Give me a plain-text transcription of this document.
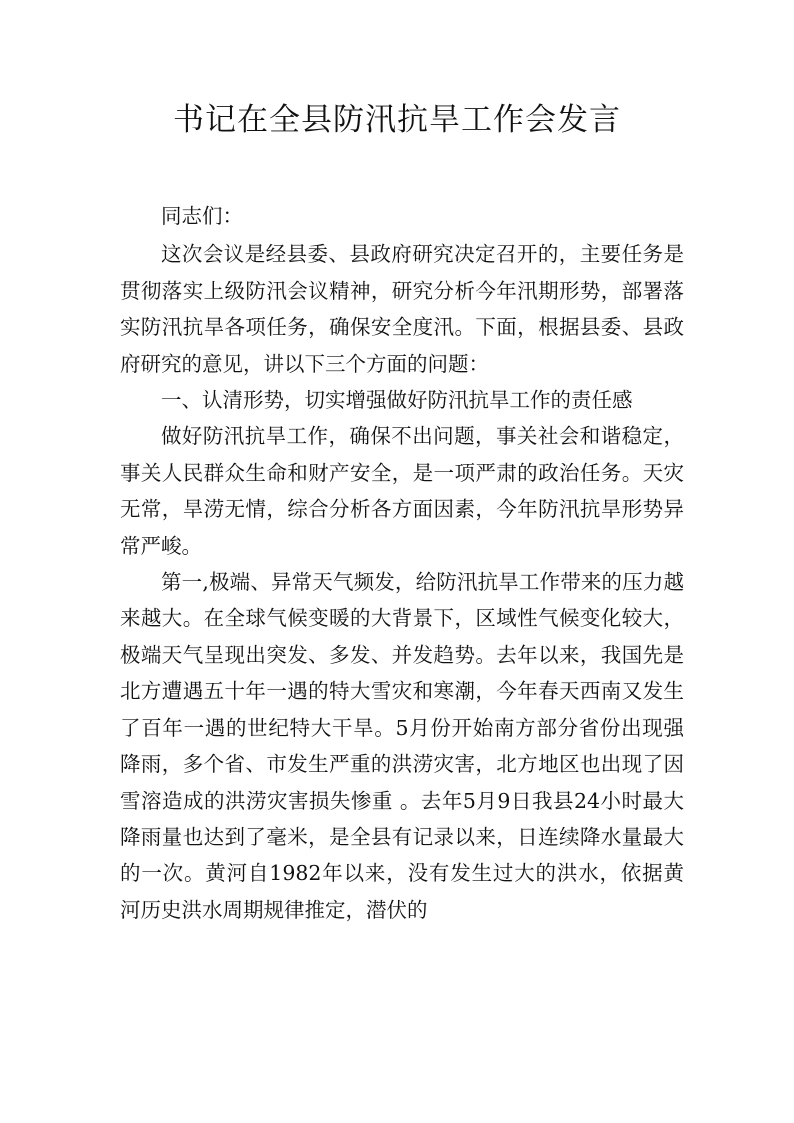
书记在全县防汛抗旱工作会发言

同志们：

这次会议是经县委、县政府研究决定召开的，主要任务是贯彻落实上级防汛会议精神，研究分析今年汛期形势，部署落实防汛抗旱各项任务，确保安全度汛。下面，根据县委、县政府研究的意见，讲以下三个方面的问题：

一、认清形势，切实增强做好防汛抗旱工作的责任感

做好防汛抗旱工作，确保不出问题，事关社会和谐稳定，事关人民群众生命和财产安全，是一项严肃的政治任务。天灾无常，旱涝无情，综合分析各方面因素，今年防汛抗旱形势异常严峻。

第一,极端、异常天气频发，给防汛抗旱工作带来的压力越来越大。在全球气候变暖的大背景下，区域性气候变化较大，极端天气呈现出突发、多发、并发趋势。去年以来，我国先是北方遭遇五十年一遇的特大雪灾和寒潮，今年春天西南又发生了百年一遇的世纪特大干旱。5月份开始南方部分省份出现强降雨，多个省、市发生严重的洪涝灾害，北方地区也出现了因雪溶造成的洪涝灾害损失惨重 。去年5月9日我县24小时最大降雨量也达到了毫米，是全县有记录以来，日连续降水量最大的一次。黄河自1982年以来，没有发生过大的洪水，依据黄河历史洪水周期规律推定，潜伏的
